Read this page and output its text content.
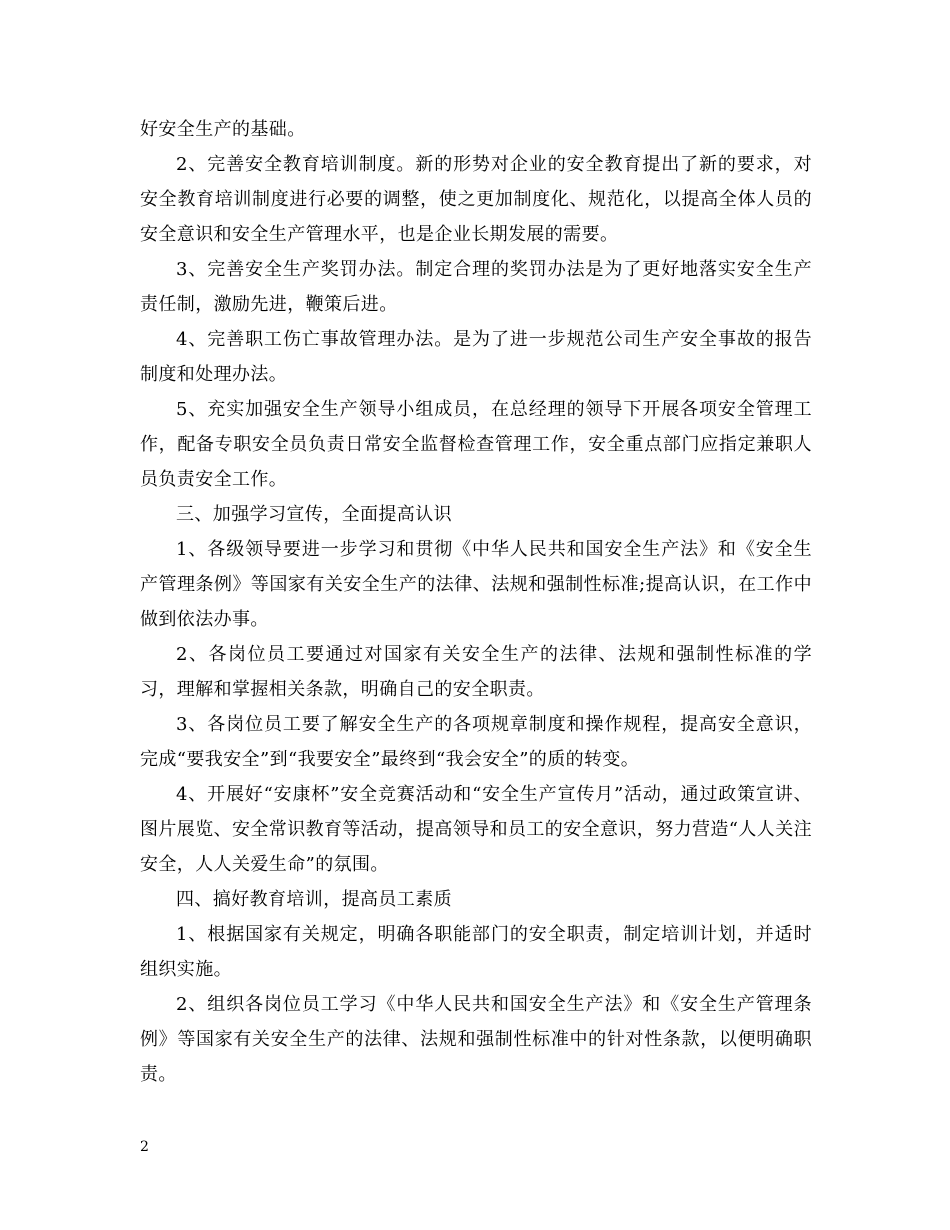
好安全生产的基础。

2、完善安全教育培训制度。新的形势对企业的安全教育提出了新的要求，对安全教育培训制度进行必要的调整，使之更加制度化、规范化，以提高全体人员的安全意识和安全生产管理水平，也是企业长期发展的需要。

3、完善安全生产奖罚办法。制定合理的奖罚办法是为了更好地落实安全生产责任制，激励先进，鞭策后进。

4、完善职工伤亡事故管理办法。是为了进一步规范公司生产安全事故的报告制度和处理办法。

5、充实加强安全生产领导小组成员，在总经理的领导下开展各项安全管理工作，配备专职安全员负责日常安全监督检查管理工作，安全重点部门应指定兼职人员负责安全工作。

三、加强学习宣传，全面提高认识

1、各级领导要进一步学习和贯彻《中华人民共和国安全生产法》和《安全生产管理条例》等国家有关安全生产的法律、法规和强制性标准;提高认识，在工作中做到依法办事。

2、各岗位员工要通过对国家有关安全生产的法律、法规和强制性标准的学习，理解和掌握相关条款，明确自己的安全职责。

3、各岗位员工要了解安全生产的各项规章制度和操作规程，提高安全意识，完成“要我安全”到“我要安全”最终到“我会安全”的质的转变。

4、开展好“安康杯”安全竞赛活动和“安全生产宣传月”活动，通过政策宣讲、图片展览、安全常识教育等活动，提高领导和员工的安全意识，努力营造“人人关注安全，人人关爱生命”的氛围。

四、搞好教育培训，提高员工素质

1、根据国家有关规定，明确各职能部门的安全职责，制定培训计划，并适时组织实施。

2、组织各岗位员工学习《中华人民共和国安全生产法》和《安全生产管理条例》等国家有关安全生产的法律、法规和强制性标准中的针对性条款，以便明确职责。

2
